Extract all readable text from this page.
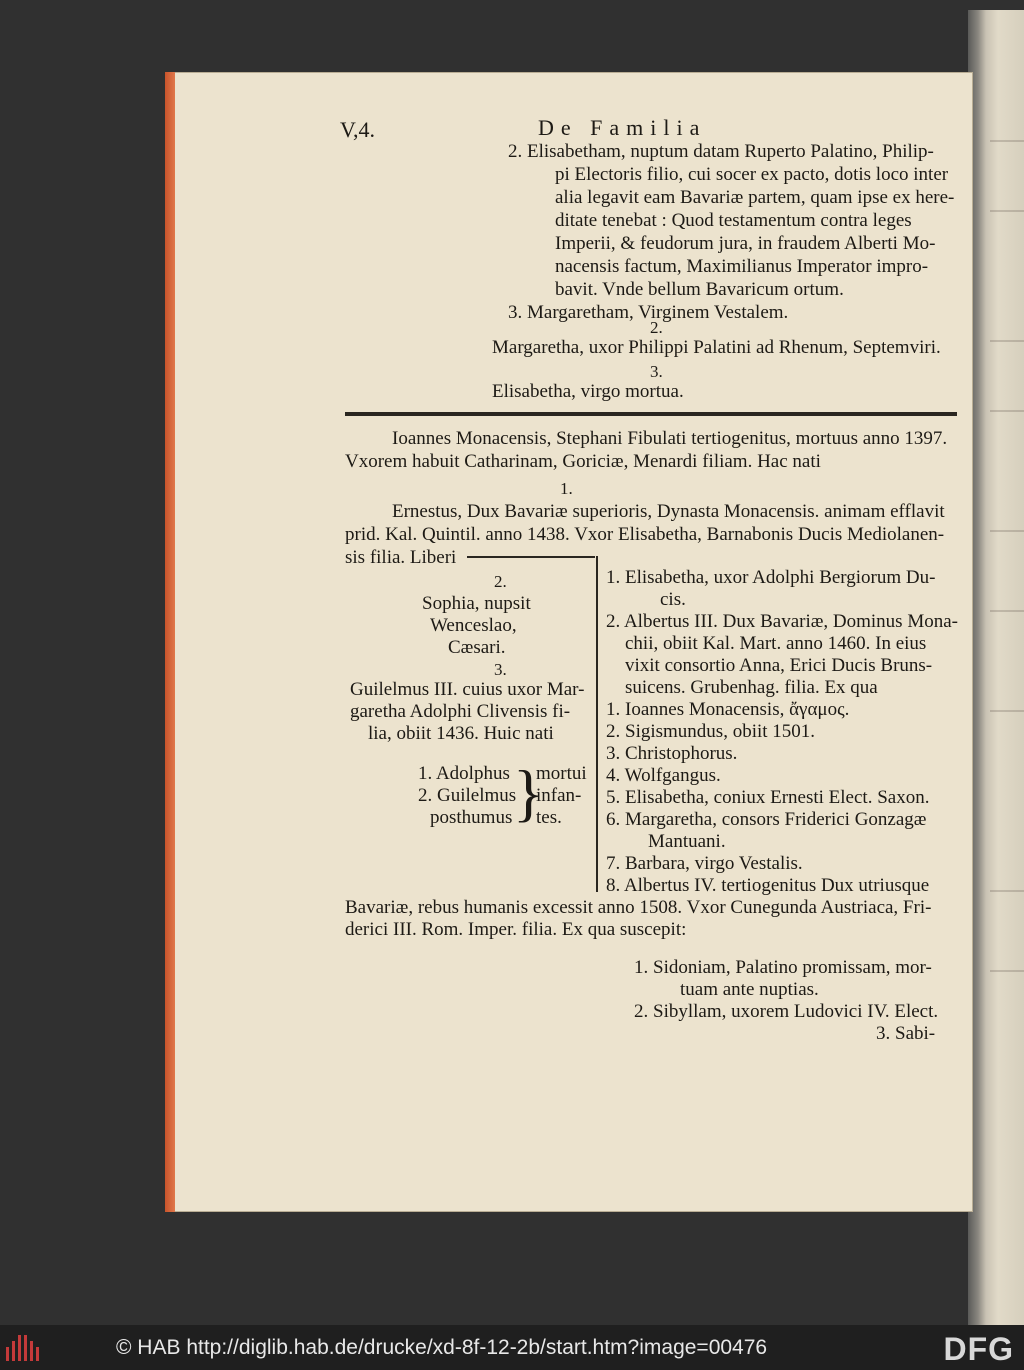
V,4.	De Familia
2. Elisabetham, nuptum datam Ruperto Palatino, Philip-
pi Electoris filio, cui socer ex pacto, dotis loco inter
alia legavit eam Bavariæ partem, quam ipse ex here-
ditate tenebat : Quod testamentum contra leges
Imperii, & feudorum jura, in fraudem Alberti Mo-
nacensis factum, Maximilianus Imperator impro-
bavit. Vnde bellum Bavaricum ortum.
3. Margaretham, Virginem Vestalem.
2.
Margaretha, uxor Philippi Palatini ad Rhenum, Septemviri.
3.
Elisabetha, virgo mortua.
Ioannes Monacensis, Stephani Fibulati tertiogenitus, mortuus anno 1397.
Vxorem habuit Catharinam, Goriciæ, Menardi filiam. Hac nati
1.
Ernestus, Dux Bavariæ superioris, Dynasta Monacensis. animam efflavit
prid. Kal. Quintil. anno 1438. Vxor Elisabetha, Barnabonis Ducis Mediolanen-
sis filia. Liberi
2.
Sophia, nupsit
Wenceslao,
Cæsari.
3.
Guilelmus III. cuius uxor Mar-
garetha Adolphi Clivensis fi-
lia, obiit 1436. Huic nati
1. Adolphus
2. Guilelmus
posthumus }
mortui
infan-
tes.
1. Elisabetha, uxor Adolphi Bergiorum Du-
cis.
2. Albertus III. Dux Bavariæ, Dominus Mona-
chii, obiit Kal. Mart. anno 1460. In eius
vixit consortio Anna, Erici Ducis Bruns-
suicens. Grubenhag. filia. Ex qua
1. Ioannes Monacensis, ἄγαμος.
2. Sigismundus, obiit 1501.
3. Christophorus.
4. Wolfgangus.
5. Elisabetha, coniux Ernesti Elect. Saxon.
6. Margaretha, consors Friderici Gonzagæ
Mantuani.
7. Barbara, virgo Vestalis.
8. Albertus IV. tertiogenitus Dux utriusque
Bavariæ, rebus humanis excessit anno 1508. Vxor Cunegunda Austriaca, Fri-
derici III. Rom. Imper. filia. Ex qua suscepit:
1. Sidoniam, Palatino promissam, mor-
tuam ante nuptias.
2. Sibyllam, uxorem Ludovici IV. Elect.
3. Sabi-
© HAB http://diglib.hab.de/drucke/xd-8f-12-2b/start.htm?image=00476	DFG
